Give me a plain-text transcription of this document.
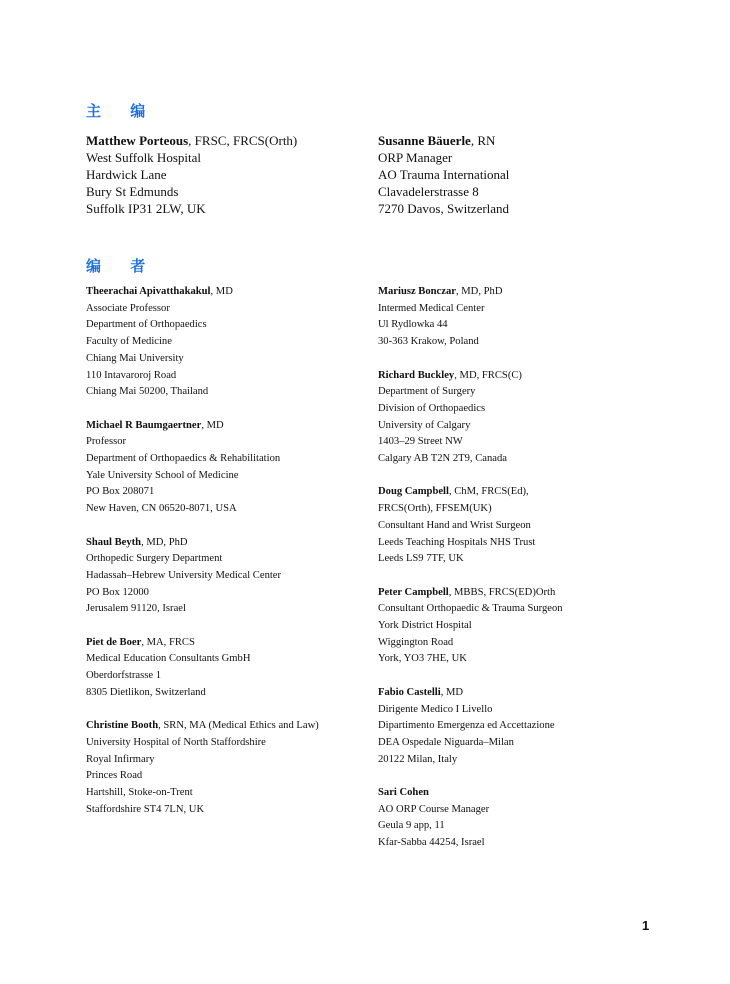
主 编
Matthew Porteous, FRSC, FRCS(Orth)
West Suffolk Hospital
Hardwick Lane
Bury St Edmunds
Suffolk IP31 2LW, UK
Susanne Bäuerle, RN
ORP Manager
AO Trauma International
Clavadelerstrasse 8
7270 Davos, Switzerland
编 者
Theerachai Apivatthakakul, MD
Associate Professor
Department of Orthopaedics
Faculty of Medicine
Chiang Mai University
110 Intavaroroj Road
Chiang Mai 50200, Thailand
Michael R Baumgaertner, MD
Professor
Department of Orthopaedics & Rehabilitation
Yale University School of Medicine
PO Box 208071
New Haven, CN 06520-8071, USA
Shaul Beyth, MD, PhD
Orthopedic Surgery Department
Hadassah–Hebrew University Medical Center
PO Box 12000
Jerusalem 91120, Israel
Piet de Boer, MA, FRCS
Medical Education Consultants GmbH
Oberdorfstrasse 1
8305 Dietlikon, Switzerland
Christine Booth, SRN, MA (Medical Ethics and Law)
University Hospital of North Staffordshire
Royal Infirmary
Princes Road
Hartshill, Stoke-on-Trent
Staffordshire ST4 7LN, UK
Mariusz Bonczar, MD, PhD
Intermed Medical Center
Ul Rydlowka 44
30-363 Krakow, Poland
Richard Buckley, MD, FRCS(C)
Department of Surgery
Division of Orthopaedics
University of Calgary
1403–29 Street NW
Calgary AB T2N 2T9, Canada
Doug Campbell, ChM, FRCS(Ed),
FRCS(Orth), FFSEM(UK)
Consultant Hand and Wrist Surgeon
Leeds Teaching Hospitals NHS Trust
Leeds LS9 7TF, UK
Peter Campbell, MBBS, FRCS(ED)Orth
Consultant Orthopaedic & Trauma Surgeon
York District Hospital
Wiggington Road
York, YO3 7HE, UK
Fabio Castelli, MD
Dirigente Medico I Livello
Dipartimento Emergenza ed Accettazione
DEA Ospedale Niguarda–Milan
20122 Milan, Italy
Sari Cohen
AO ORP Course Manager
Geula 9 app, 11
Kfar-Sabba 44254, Israel
1
